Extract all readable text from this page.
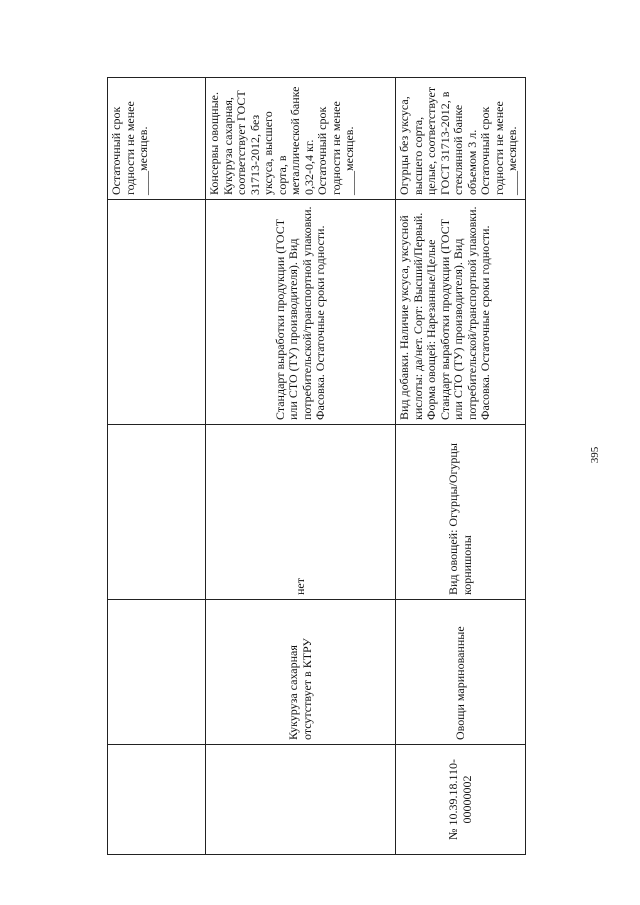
				Остаточный срок годности не менее ____месяцев.
	Кукуруза сахарная отсутствует в КТРУ	нет	Стандарт выработки продукции (ГОСТ или СТО (ТУ) производителя). Вид потребительской/транспортной упаковки. Фасовка. Остаточные сроки годности.	Консервы овощные. Кукуруза сахарная, соответствует ГОСТ 31713-2012, без уксуса, высшего сорта, в металлической банке 0,32-0,4 кг. Остаточный срок годности не менее ____месяцев.
№ 10.39.18.110-00000002	Овощи маринованные	Вид овощей: Огурцы/Огурцы корнишоны	Вид добавки. Наличие уксуса, уксусной кислоты: да/нет. Сорт: Высший/Первый. Форма овощей: Нарезанные/Целые Стандарт выработки продукции (ГОСТ или СТО (ТУ) производителя). Вид потребительской/транспортной упаковки. Фасовка. Остаточные сроки годности.	Огурцы без уксуса, высшего сорта, целые, соответствует ГОСТ 31713-2012, в стеклянной банке объемом 3 л. Остаточный срок годности не менее ____месяцев.
395
